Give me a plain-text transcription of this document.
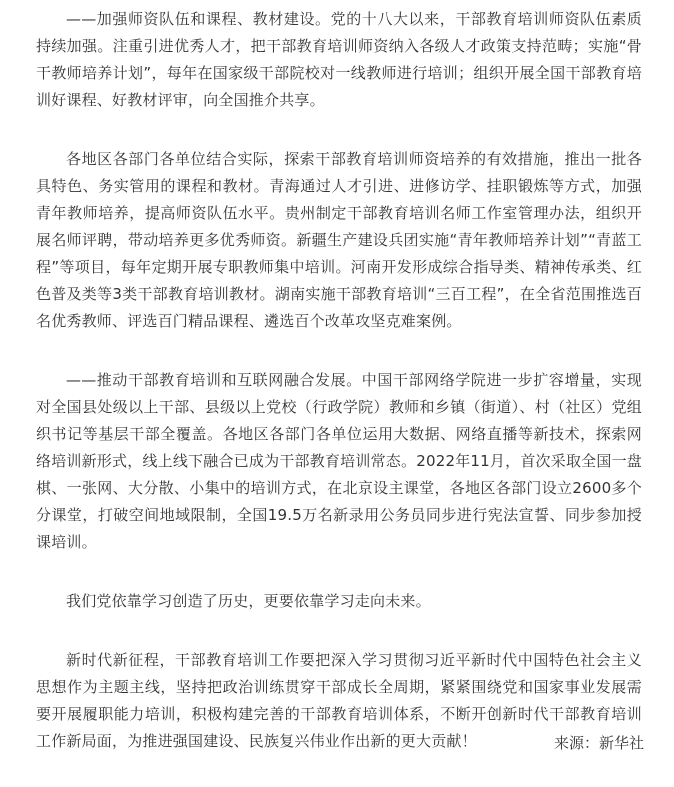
——加强师资队伍和课程、教材建设。党的十八大以来，干部教育培训师资队伍素质持续加强。注重引进优秀人才，把干部教育培训师资纳入各级人才政策支持范畴；实施“骨干教师培养计划”，每年在国家级干部院校对一线教师进行培训；组织开展全国干部教育培训好课程、好教材评审，向全国推介共享。

各地区各部门各单位结合实际，探索干部教育培训师资培养的有效措施，推出一批各具特色、务实管用的课程和教材。青海通过人才引进、进修访学、挂职锻炼等方式，加强青年教师培养，提高师资队伍水平。贵州制定干部教育培训名师工作室管理办法，组织开展名师评聘，带动培养更多优秀师资。新疆生产建设兵团实施“青年教师培养计划”“青蓝工程”等项目，每年定期开展专职教师集中培训。河南开发形成综合指导类、精神传承类、红色普及类等3类干部教育培训教材。湖南实施干部教育培训“三百工程”，在全省范围推选百名优秀教师、评选百门精品课程、遴选百个改革攻坚克难案例。

——推动干部教育培训和互联网融合发展。中国干部网络学院进一步扩容增量，实现对全国县处级以上干部、县级以上党校（行政学院）教师和乡镇（街道）、村（社区）党组织书记等基层干部全覆盖。各地区各部门各单位运用大数据、网络直播等新技术，探索网络培训新形式，线上线下融合已成为干部教育培训常态。2022年11月，首次采取全国一盘棋、一张网、大分散、小集中的培训方式，在北京设主课堂，各地区各部门设立2600多个分课堂，打破空间地域限制，全国19.5万名新录用公务员同步进行宪法宣誓、同步参加授课培训。

我们党依靠学习创造了历史，更要依靠学习走向未来。

新时代新征程，干部教育培训工作要把深入学习贯彻习近平新时代中国特色社会主义思想作为主题主线，坚持把政治训练贯穿干部成长全周期，紧紧围绕党和国家事业发展需要开展履职能力培训，积极构建完善的干部教育培训体系，不断开创新时代干部教育培训工作新局面，为推进强国建设、民族复兴伟业作出新的更大贡献！	来源：新华社
